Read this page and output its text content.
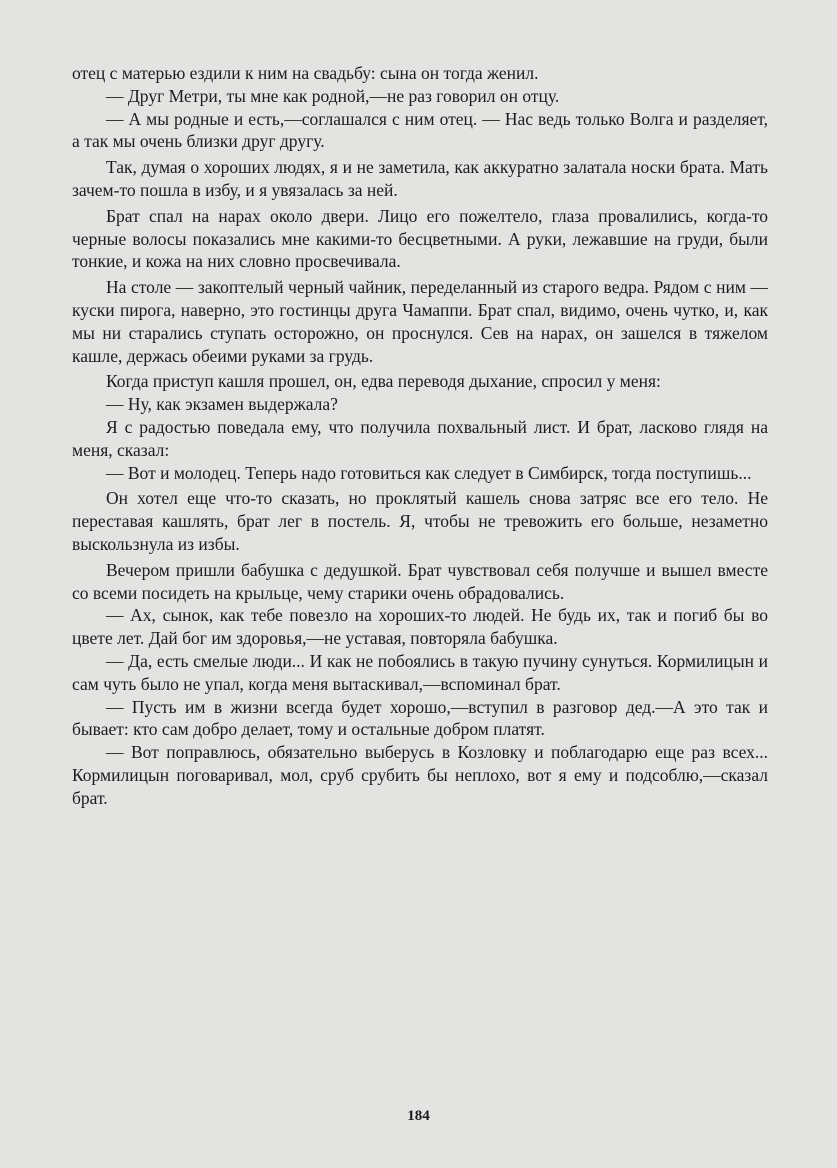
отец с матерью ездили к ним на свадьбу: сына он тогда женил.

— Друг Метри, ты мне как родной,—не раз говорил он отцу.

— А мы родные и есть,—соглашался с ним отец. — Нас ведь только Волга и разделяет, а так мы очень близки друг другу.

Так, думая о хороших людях, я и не заметила, как аккуратно залатала носки брата. Мать зачем-то пошла в избу, и я увязалась за ней.

Брат спал на нарах около двери. Лицо его пожелтело, глаза провалились, когда-то черные волосы показались мне какими-то бесцветными. А руки, лежавшие на груди, были тонкие, и кожа на них словно просвечивала.

На столе — закоптелый черный чайник, переделанный из старого ведра. Рядом с ним — куски пирога, наверно, это гостинцы друга Чамаппи. Брат спал, видимо, очень чутко, и, как мы ни старались ступать осторожно, он проснулся. Сев на нарах, он зашелся в тяжелом кашле, держась обеими руками за грудь.

Когда приступ кашля прошел, он, едва переводя дыхание, спросил у меня:

— Ну, как экзамен выдержала?

Я с радостью поведала ему, что получила похвальный лист. И брат, ласково глядя на меня, сказал:

— Вот и молодец. Теперь надо готовиться как следует в Симбирск, тогда поступишь...

Он хотел еще что-то сказать, но проклятый кашель снова затряс все его тело. Не переставая кашлять, брат лег в постель. Я, чтобы не тревожить его больше, незаметно выскользнула из избы.

Вечером пришли бабушка с дедушкой. Брат чувствовал себя получше и вышел вместе со всеми посидеть на крыльце, чему старики очень обрадовались.

— Ах, сынок, как тебе повезло на хороших-то людей. Не будь их, так и погиб бы во цвете лет. Дай бог им здоровья,—не уставая, повторяла бабушка.

— Да, есть смелые люди... И как не побоялись в такую пучину сунуться. Кормилицын и сам чуть было не упал, когда меня вытаскивал,—вспоминал брат.

— Пусть им в жизни всегда будет хорошо,—вступил в разговор дед.—А это так и бывает: кто сам добро делает, тому и остальные добром платят.

— Вот поправлюсь, обязательно выберусь в Козловку и поблагодарю еще раз всех... Кормилицын поговаривал, мол, сруб срубить бы неплохо, вот я ему и подсоблю,—сказал брат.

184
